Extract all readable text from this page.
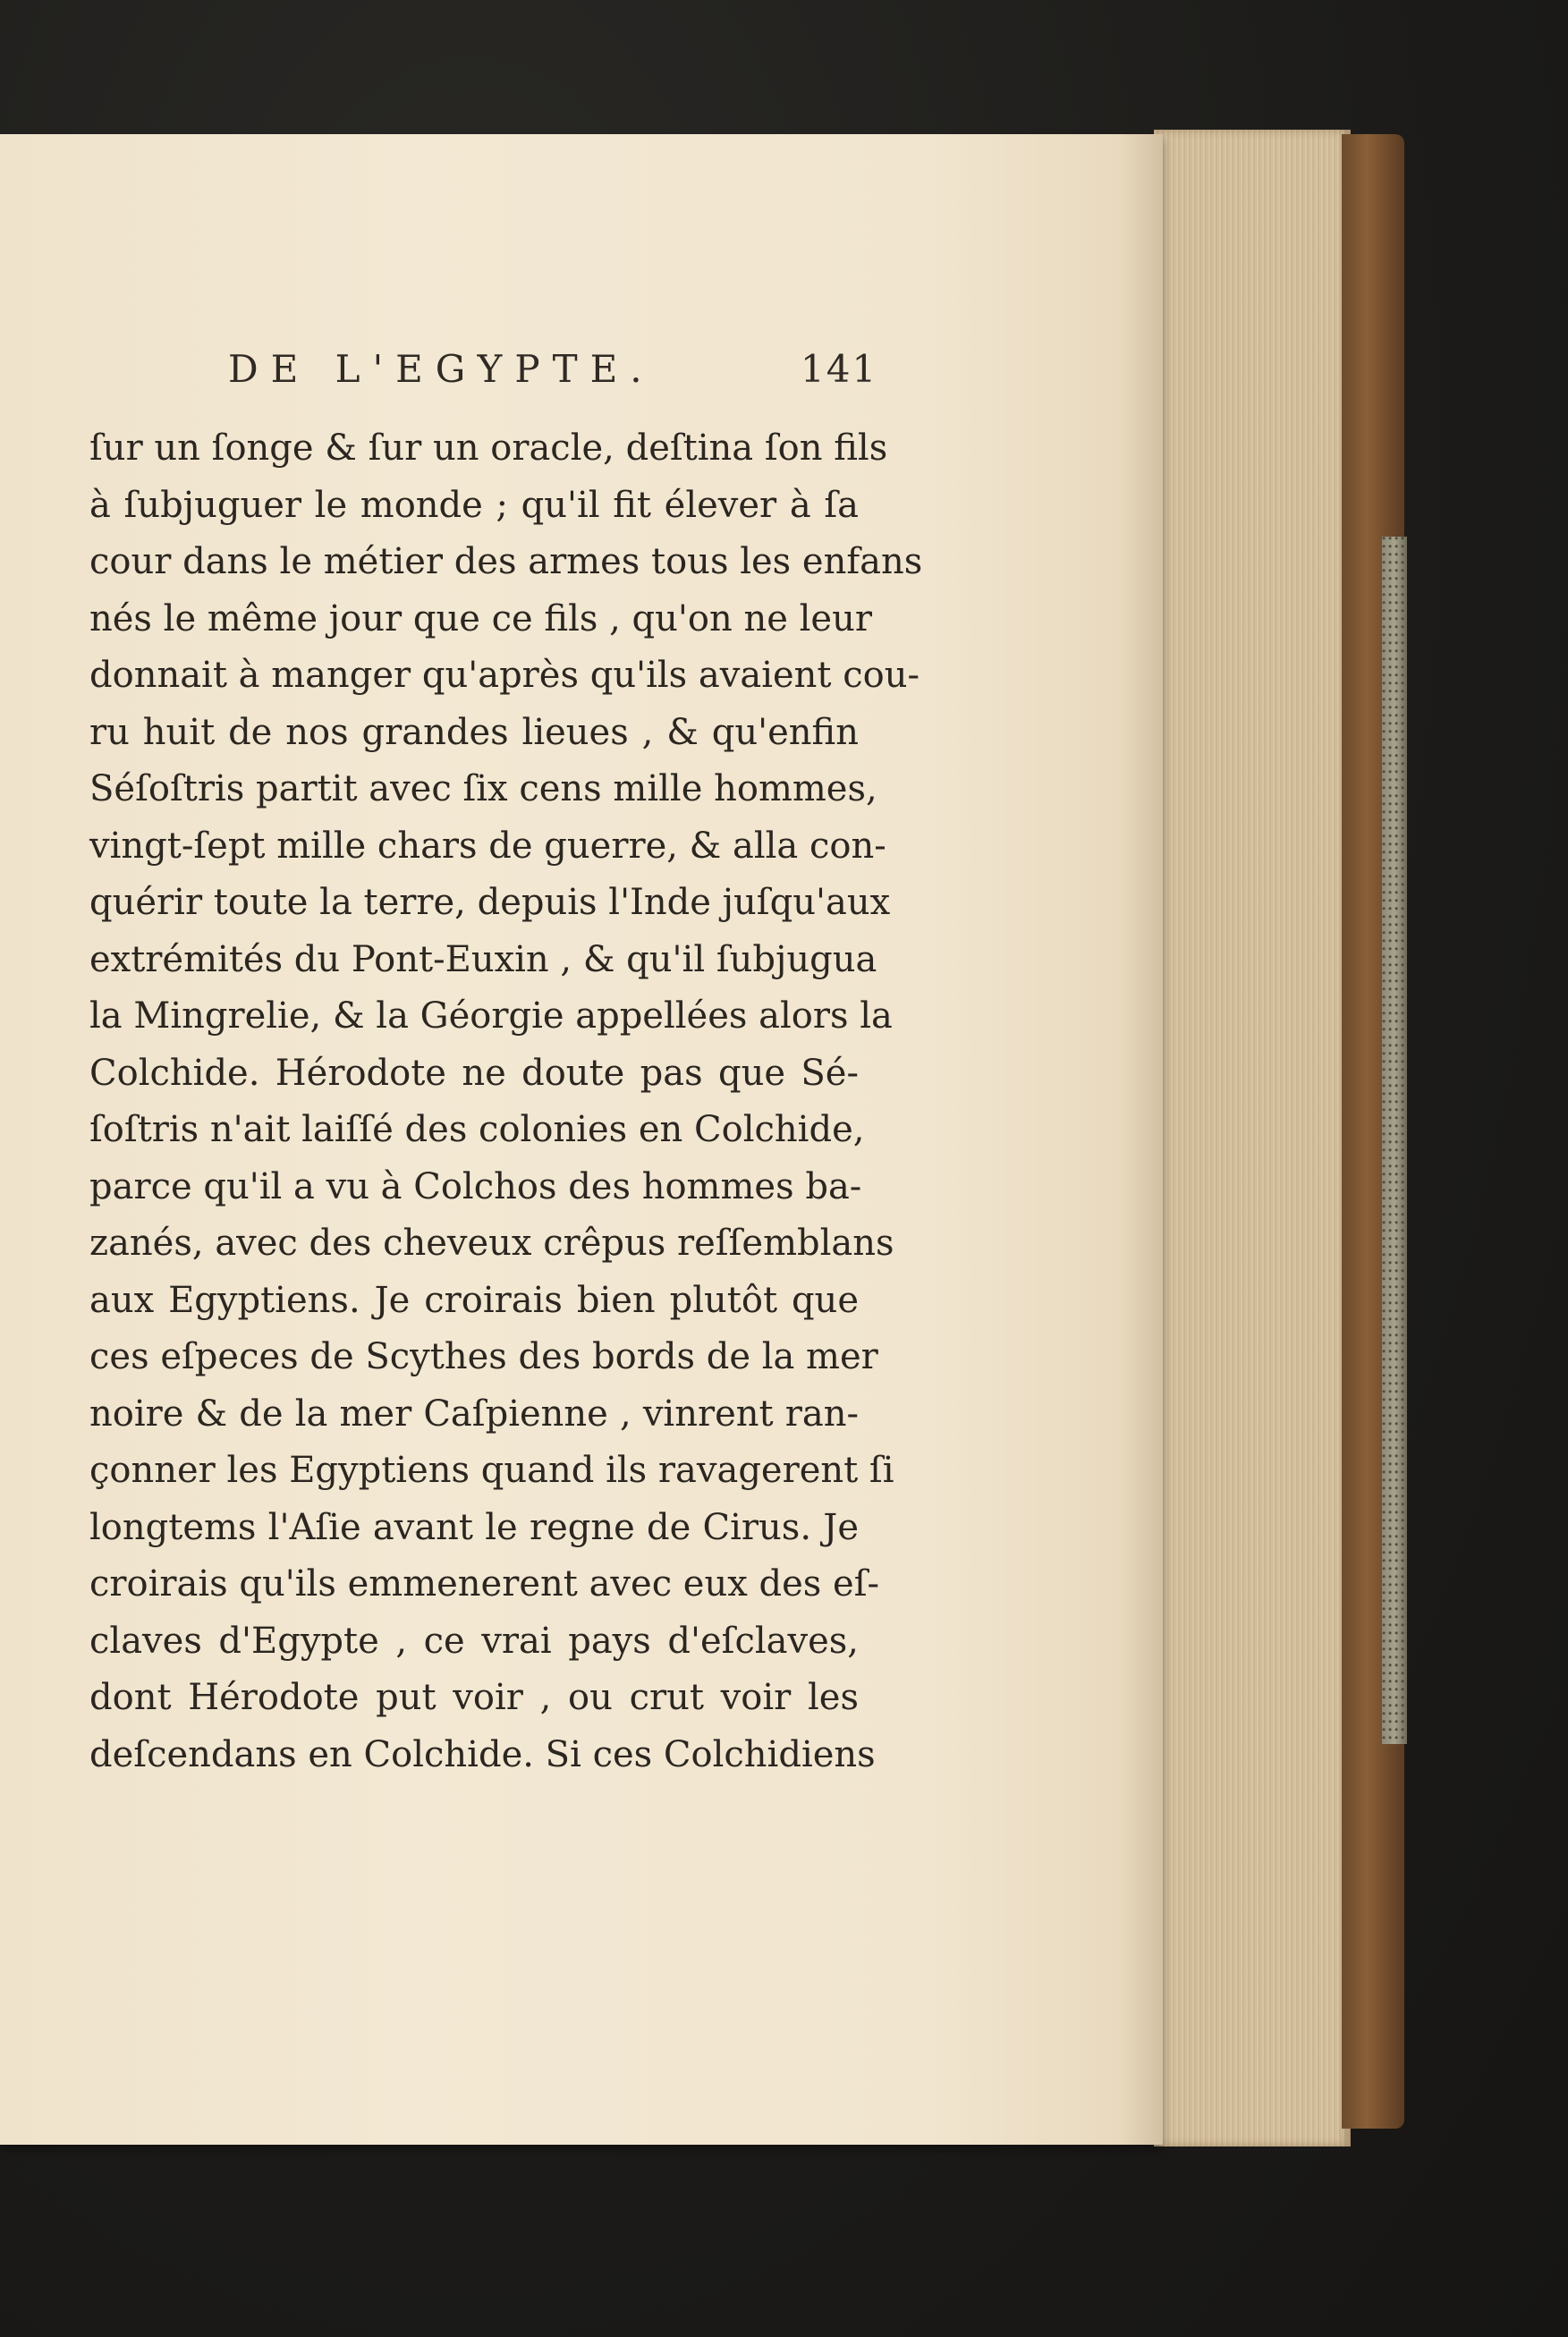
DE L'EGYPTE.	141
ſur un ſonge & ſur un oracle, deſtina ſon fils
à ſubjuguer le monde ; qu'il fit élever à ſa
cour dans le métier des armes tous les enfans
nés le même jour que ce fils , qu'on ne leur
donnait à manger qu'après qu'ils avaient cou-
ru huit de nos grandes lieues , & qu'enfin
Séſoſtris partit avec ſix cens mille hommes,
vingt-ſept mille chars de guerre, & alla con-
quérir toute la terre, depuis l'Inde juſqu'aux
extrémités du Pont-Euxin , & qu'il ſubjugua
la Mingrelie, & la Géorgie appellées alors la
Colchide. Hérodote ne doute pas que Sé-
ſoſtris n'ait laiſſé des colonies en Colchide,
parce qu'il a vu à Colchos des hommes ba-
zanés, avec des cheveux crêpus reſſemblans
aux Egyptiens. Je croirais bien plutôt que
ces eſpeces de Scythes des bords de la mer
noire & de la mer Caſpienne , vinrent ran-
çonner les Egyptiens quand ils ravagerent ſi
longtems l'Aſie avant le regne de Cirus. Je
croirais qu'ils emmenerent avec eux des eſ-
claves d'Egypte , ce vrai pays d'eſclaves,
dont Hérodote put voir , ou crut voir les
deſcendans en Colchide. Si ces Colchidiens
